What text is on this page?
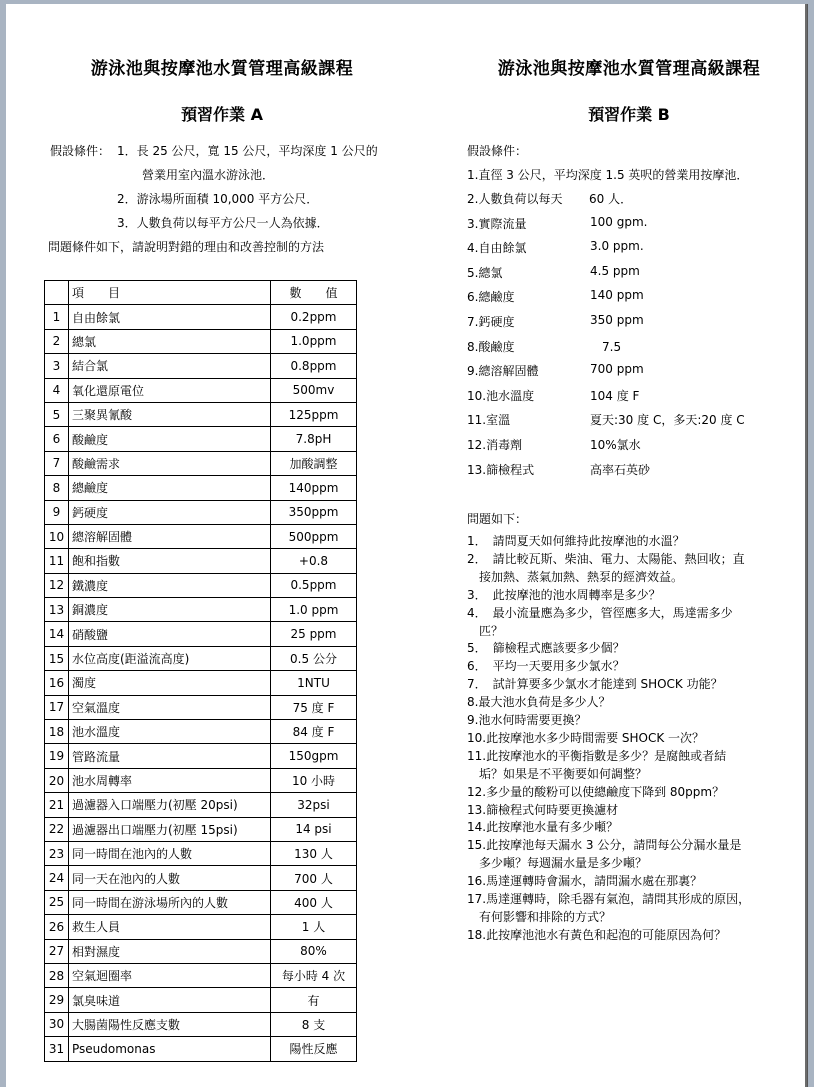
游泳池與按摩池水質管理高級課程
預習作業 A
假設條件： 1．長 25 公尺，寬 15 公尺，平均深度 1 公尺的
營業用室內溫水游泳池．
2．游泳場所面積 10,000 平方公尺．
3．人數負荷以每平方公尺一人為依據．
問題條件如下，請說明對錯的理由和改善控制的方法
	項　　目	數　　值
1	自由餘氯	0.2ppm
2	總氯	1.0ppm
3	結合氯	0.8ppm
4	氧化還原電位	500mv
5	三聚異氰酸	125ppm
6	酸鹼度	7.8pH
7	酸鹼需求	加酸調整
8	總鹼度	140ppm
9	鈣硬度	350ppm
10	總溶解固體	500ppm
11	飽和指數	+0.8
12	鐵濃度	0.5ppm
13	銅濃度	1.0 ppm
14	硝酸鹽	25 ppm
15	水位高度(距溢流高度)	0.5 公分
16	濁度	1NTU
17	空氣溫度	75 度 F
18	池水溫度	84 度 F
19	管路流量	150gpm
20	池水周轉率	10 小時
21	過濾器入口端壓力(初壓 20psi)	32psi
22	過濾器出口端壓力(初壓 15psi)	14 psi
23	同一時間在池內的人數	130 人
24	同一天在池內的人數	700 人
25	同一時間在游泳場所內的人數	400 人
26	救生人員	1 人
27	相對濕度	80%
28	空氣迴圈率	每小時 4 次
29	氯臭味道	有
30	大腸菌陽性反應支數	8 支
31	Pseudomonas	陽性反應
游泳池與按摩池水質管理高級課程
預習作業 B
假設條件：
1.直徑 3 公尺，平均深度 1.5 英呎的營業用按摩池．
2.人數負荷以每天 60 人．
3.實際流量	100 gpm.
4.自由餘氯	3.0 ppm.
5.總氯	4.5 ppm
6.總鹼度	140 ppm
7.鈣硬度	350 ppm
8.酸鹼度	　7.5
9.總溶解固體	700 ppm
10.池水溫度	104 度 F
11.室溫	夏天:30 度 C，多天:20 度 C
12.消毒劑	10%氯水
13.篩檢程式	高率石英砂
問題如下：
1．　請問夏天如何維持此按摩池的水溫？
2．　請比較瓦斯、柴油、電力、太陽能、熱回收；直
　接加熱、蒸氣加熱、熱泵的經濟效益。
3．　此按摩池的池水周轉率是多少？
4．　最小流量應為多少，管徑應多大，馬達需多少
　匹？
5．　篩檢程式應該要多少個？
6．　平均一天要用多少氯水？
7．　試計算要多少氯水才能達到 SHOCK 功能？
8.最大池水負荷是多少人？
9.池水何時需要更換？
10.此按摩池水多少時間需要 SHOCK 一次？
11.此按摩池水的平衡指數是多少？是腐蝕或者結
　垢？如果是不平衡要如何調整？
12.多少量的酸粉可以使總鹼度下降到 80ppm？
13.篩檢程式何時要更換濾材
14.此按摩池水量有多少噸？
15.此按摩池每天漏水 3 公分，請問每公分漏水量是
　多少噸？每週漏水量是多少噸？
16.馬達運轉時會漏水，請問漏水處在那裏？
17.馬達運轉時，除毛器有氣泡，請問其形成的原因，
　有何影響和排除的方式？
18.此按摩池池水有黃色和起泡的可能原因為何？
